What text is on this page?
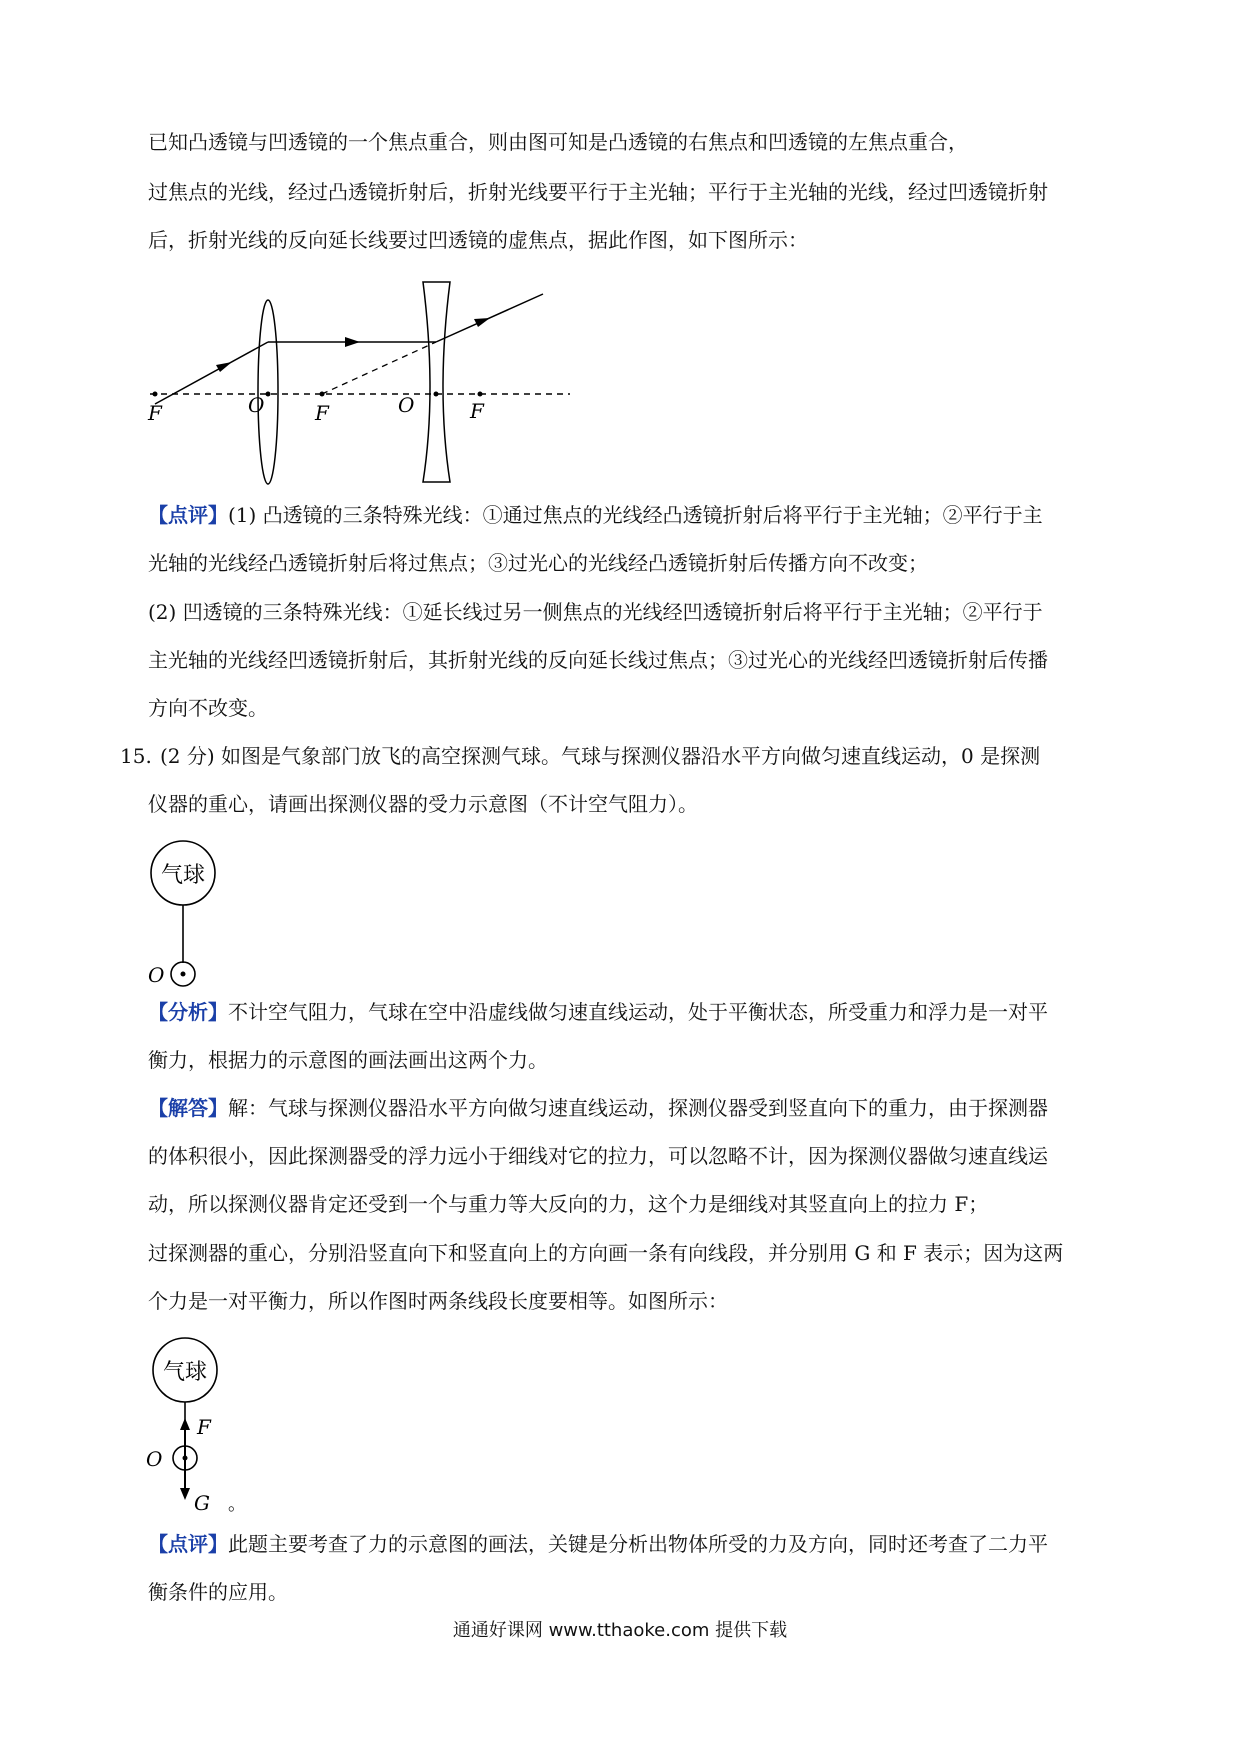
已知凸透镜与凹透镜的一个焦点重合，则由图可知是凸透镜的右焦点和凹透镜的左焦点重合，
过焦点的光线，经过凸透镜折射后，折射光线要平行于主光轴；平行于主光轴的光线，经过凹透镜折射
后，折射光线的反向延长线要过凹透镜的虚焦点，据此作图，如下图所示：
F	O	F	O	F
【点评】(1) 凸透镜的三条特殊光线：①通过焦点的光线经凸透镜折射后将平行于主光轴；②平行于主
光轴的光线经凸透镜折射后将过焦点；③过光心的光线经凸透镜折射后传播方向不改变；
(2) 凹透镜的三条特殊光线：①延长线过另一侧焦点的光线经凹透镜折射后将平行于主光轴；②平行于
主光轴的光线经凹透镜折射后，其折射光线的反向延长线过焦点；③过光心的光线经凹透镜折射后传播
方向不改变。
15. (2 分) 如图是气象部门放飞的高空探测气球。气球与探测仪器沿水平方向做匀速直线运动，0 是探测
仪器的重心，请画出探测仪器的受力示意图（不计空气阻力）。
气球
O
【分析】不计空气阻力，气球在空中沿虚线做匀速直线运动，处于平衡状态，所受重力和浮力是一对平
衡力，根据力的示意图的画法画出这两个力。
【解答】解：气球与探测仪器沿水平方向做匀速直线运动，探测仪器受到竖直向下的重力，由于探测器
的体积很小，因此探测器受的浮力远小于细线对它的拉力，可以忽略不计，因为探测仪器做匀速直线运
动，所以探测仪器肯定还受到一个与重力等大反向的力，这个力是细线对其竖直向上的拉力 F；
过探测器的重心，分别沿竖直向下和竖直向上的方向画一条有向线段，并分别用 G 和 F 表示；因为这两
个力是一对平衡力，所以作图时两条线段长度要相等。如图所示：
气球
F
O
G 。
【点评】此题主要考查了力的示意图的画法，关键是分析出物体所受的力及方向，同时还考查了二力平
衡条件的应用。
通通好课网 www.tthaoke.com 提供下载
